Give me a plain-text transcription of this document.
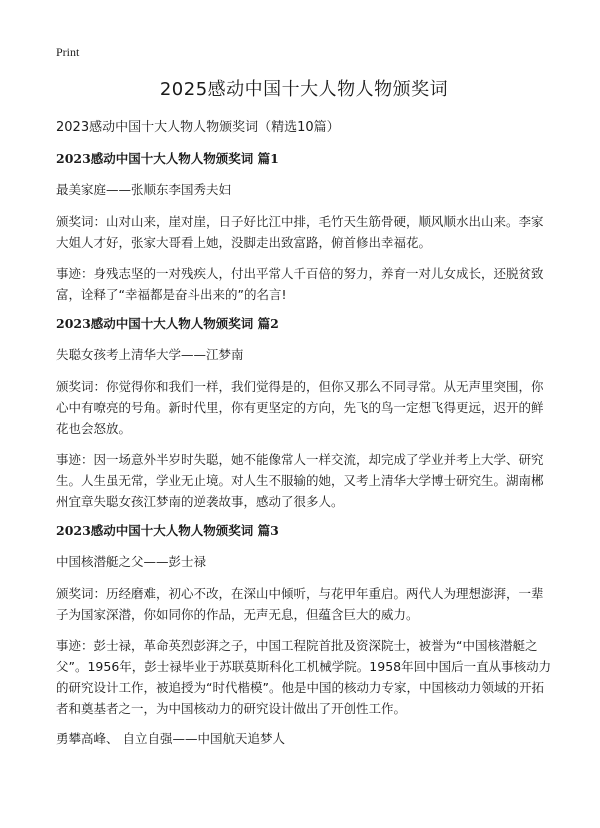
Print

2025感动中国十大人物人物颁奖词

2023感动中国十大人物人物颁奖词（精选10篇）

2023感动中国十大人物人物颁奖词 篇1

最美家庭——张顺东李国秀夫妇

颁奖词：山对山来，崖对崖，日子好比江中排，毛竹天生筋骨硬，顺风顺水出山来。李家大姐人才好，张家大哥看上她，没脚走出致富路，俯首修出幸福花。

事迹：身残志坚的一对残疾人，付出平常人千百倍的努力，养育一对儿女成长，还脱贫致富，诠释了“幸福都是奋斗出来的”的名言!

2023感动中国十大人物人物颁奖词 篇2

失聪女孩考上清华大学——江梦南

颁奖词：你觉得你和我们一样，我们觉得是的，但你又那么不同寻常。从无声里突围，你心中有嘹亮的号角。新时代里，你有更坚定的方向，先飞的鸟一定想飞得更远，迟开的鲜花也会怒放。

事迹：因一场意外半岁时失聪，她不能像常人一样交流，却完成了学业并考上大学、研究生。人生虽无常，学业无止境。对人生不服输的她，又考上清华大学博士研究生。湖南郴州宜章失聪女孩江梦南的逆袭故事，感动了很多人。

2023感动中国十大人物人物颁奖词 篇3

中国核潜艇之父——彭士禄

颁奖词：历经磨难，初心不改，在深山中倾听，与花甲年重启。两代人为理想澎湃，一辈子为国家深潜，你如同你的作品，无声无息，但蕴含巨大的威力。

事迹：彭士禄，革命英烈彭湃之子，中国工程院首批及资深院士，被誉为“中国核潜艇之父”。1956年，彭士禄毕业于苏联莫斯科化工机械学院。1958年回中国后一直从事核动力的研究设计工作，被追授为“时代楷模”。他是中国的核动力专家，中国核动力领域的开拓者和奠基者之一，为中国核动力的研究设计做出了开创性工作。

勇攀高峰、 自立自强——中国航天追梦人
